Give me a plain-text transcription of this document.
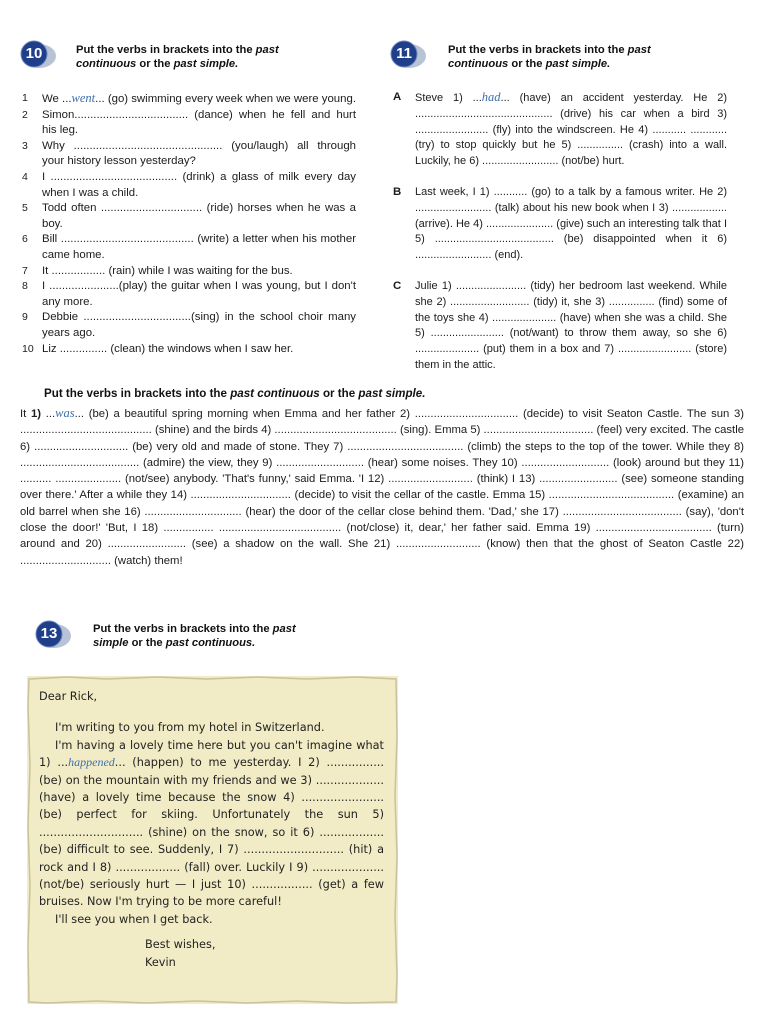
10	Put the verbs in brackets into the past
continuous or the past simple.
1 We ...went... (go) swimming every week when we were young.
2 Simon.................................... (dance) when he fell and hurt his leg.
3 Why ............................................... (you/laugh) all through your history lesson yesterday?
4 I ........................................ (drink) a glass of milk every day when I was a child.
5 Todd often ................................ (ride) horses when he was a boy.
6 Bill .......................................... (write) a letter when his mother came home.
7 It ................. (rain) while I was waiting for the bus.
8 I ......................(play) the guitar when I was young, but I don't any more.
9 Debbie ..................................(sing) in the school choir many years ago.
10 Liz ............... (clean) the windows when I saw her.
11	Put the verbs in brackets into the past
continuous or the past simple.
A Steve 1) ...had... (have) an accident yesterday. He 2) ............................................. (drive) his car when a bird 3) ........................ (fly) into the windscreen. He 4) ........... ............ (try) to stop quickly but he 5) ............... (crash) into a wall. Luckily, he 6) ......................... (not/be) hurt.
B Last week, I 1) ........... (go) to a talk by a famous writer. He 2) ......................... (talk) about his new book when I 3) .................. (arrive). He 4) ...................... (give) such an interesting talk that I 5) ....................................... (be) disappointed when it 6) ......................... (end).
C Julie 1) ....................... (tidy) her bedroom last weekend. While she 2) .......................... (tidy) it, she 3) ............... (find) some of the toys she 4) ..................... (have) when she was a child. She 5) ........................ (not/want) to throw them away, so she 6) ..................... (put) them in a box and 7) ........................ (store) them in the attic.
Put the verbs in brackets into the past continuous or the past simple.
It 1) ...was... (be) a beautiful spring morning when Emma and her father 2) ................................. (decide) to visit Seaton Castle. The sun 3) .......................................... (shine) and the birds 4) ....................................... (sing). Emma 5) ................................... (feel) very excited. The castle 6) .............................. (be) very old and made of stone. They 7) ..................................... (climb) the steps to the top of the tower. While they 8) ...................................... (admire) the view, they 9) ............................ (hear) some noises. They 10) ............................ (look) around but they 11) .......... ..................... (not/see) anybody. 'That's funny,' said Emma. 'I 12) ........................... (think) I 13) ......................... (see) someone standing over there.' After a while they 14) ................................ (decide) to visit the cellar of the castle. Emma 15) ........................................ (examine) an old barrel when she 16) ............................... (hear) the door of the cellar close behind them. 'Dad,' she 17) ...................................... (say), 'don't close the door!' 'But, I 18) ................ ....................................... (not/close) it, dear,' her father said. Emma 19) ..................................... (turn) around and 20) ......................... (see) a shadow on the wall. She 21) ........................... (know) then that the ghost of Seaton Castle 22) ............................. (watch) them!
13	Put the verbs in brackets into the past
simple or the past continuous.
Dear Rick,
I'm writing to you from my hotel in Switzerland.
I'm having a lovely time here but you can't imagine what 1) ...happened... (happen) to me yesterday. I 2) ................ (be) on the mountain with my friends and we 3) ................... (have) a lovely time because the snow 4) ....................... (be) perfect for skiing. Unfortunately the sun 5) ............................. (shine) on the snow, so it 6) .................. (be) difficult to see. Suddenly, I 7) ............................ (hit) a rock and I 8) .................. (fall) over. Luckily I 9) .................... (not/be) seriously hurt — I just 10) ................. (get) a few bruises. Now I'm trying to be more careful!
I'll see you when I get back.
Best wishes,
Kevin
